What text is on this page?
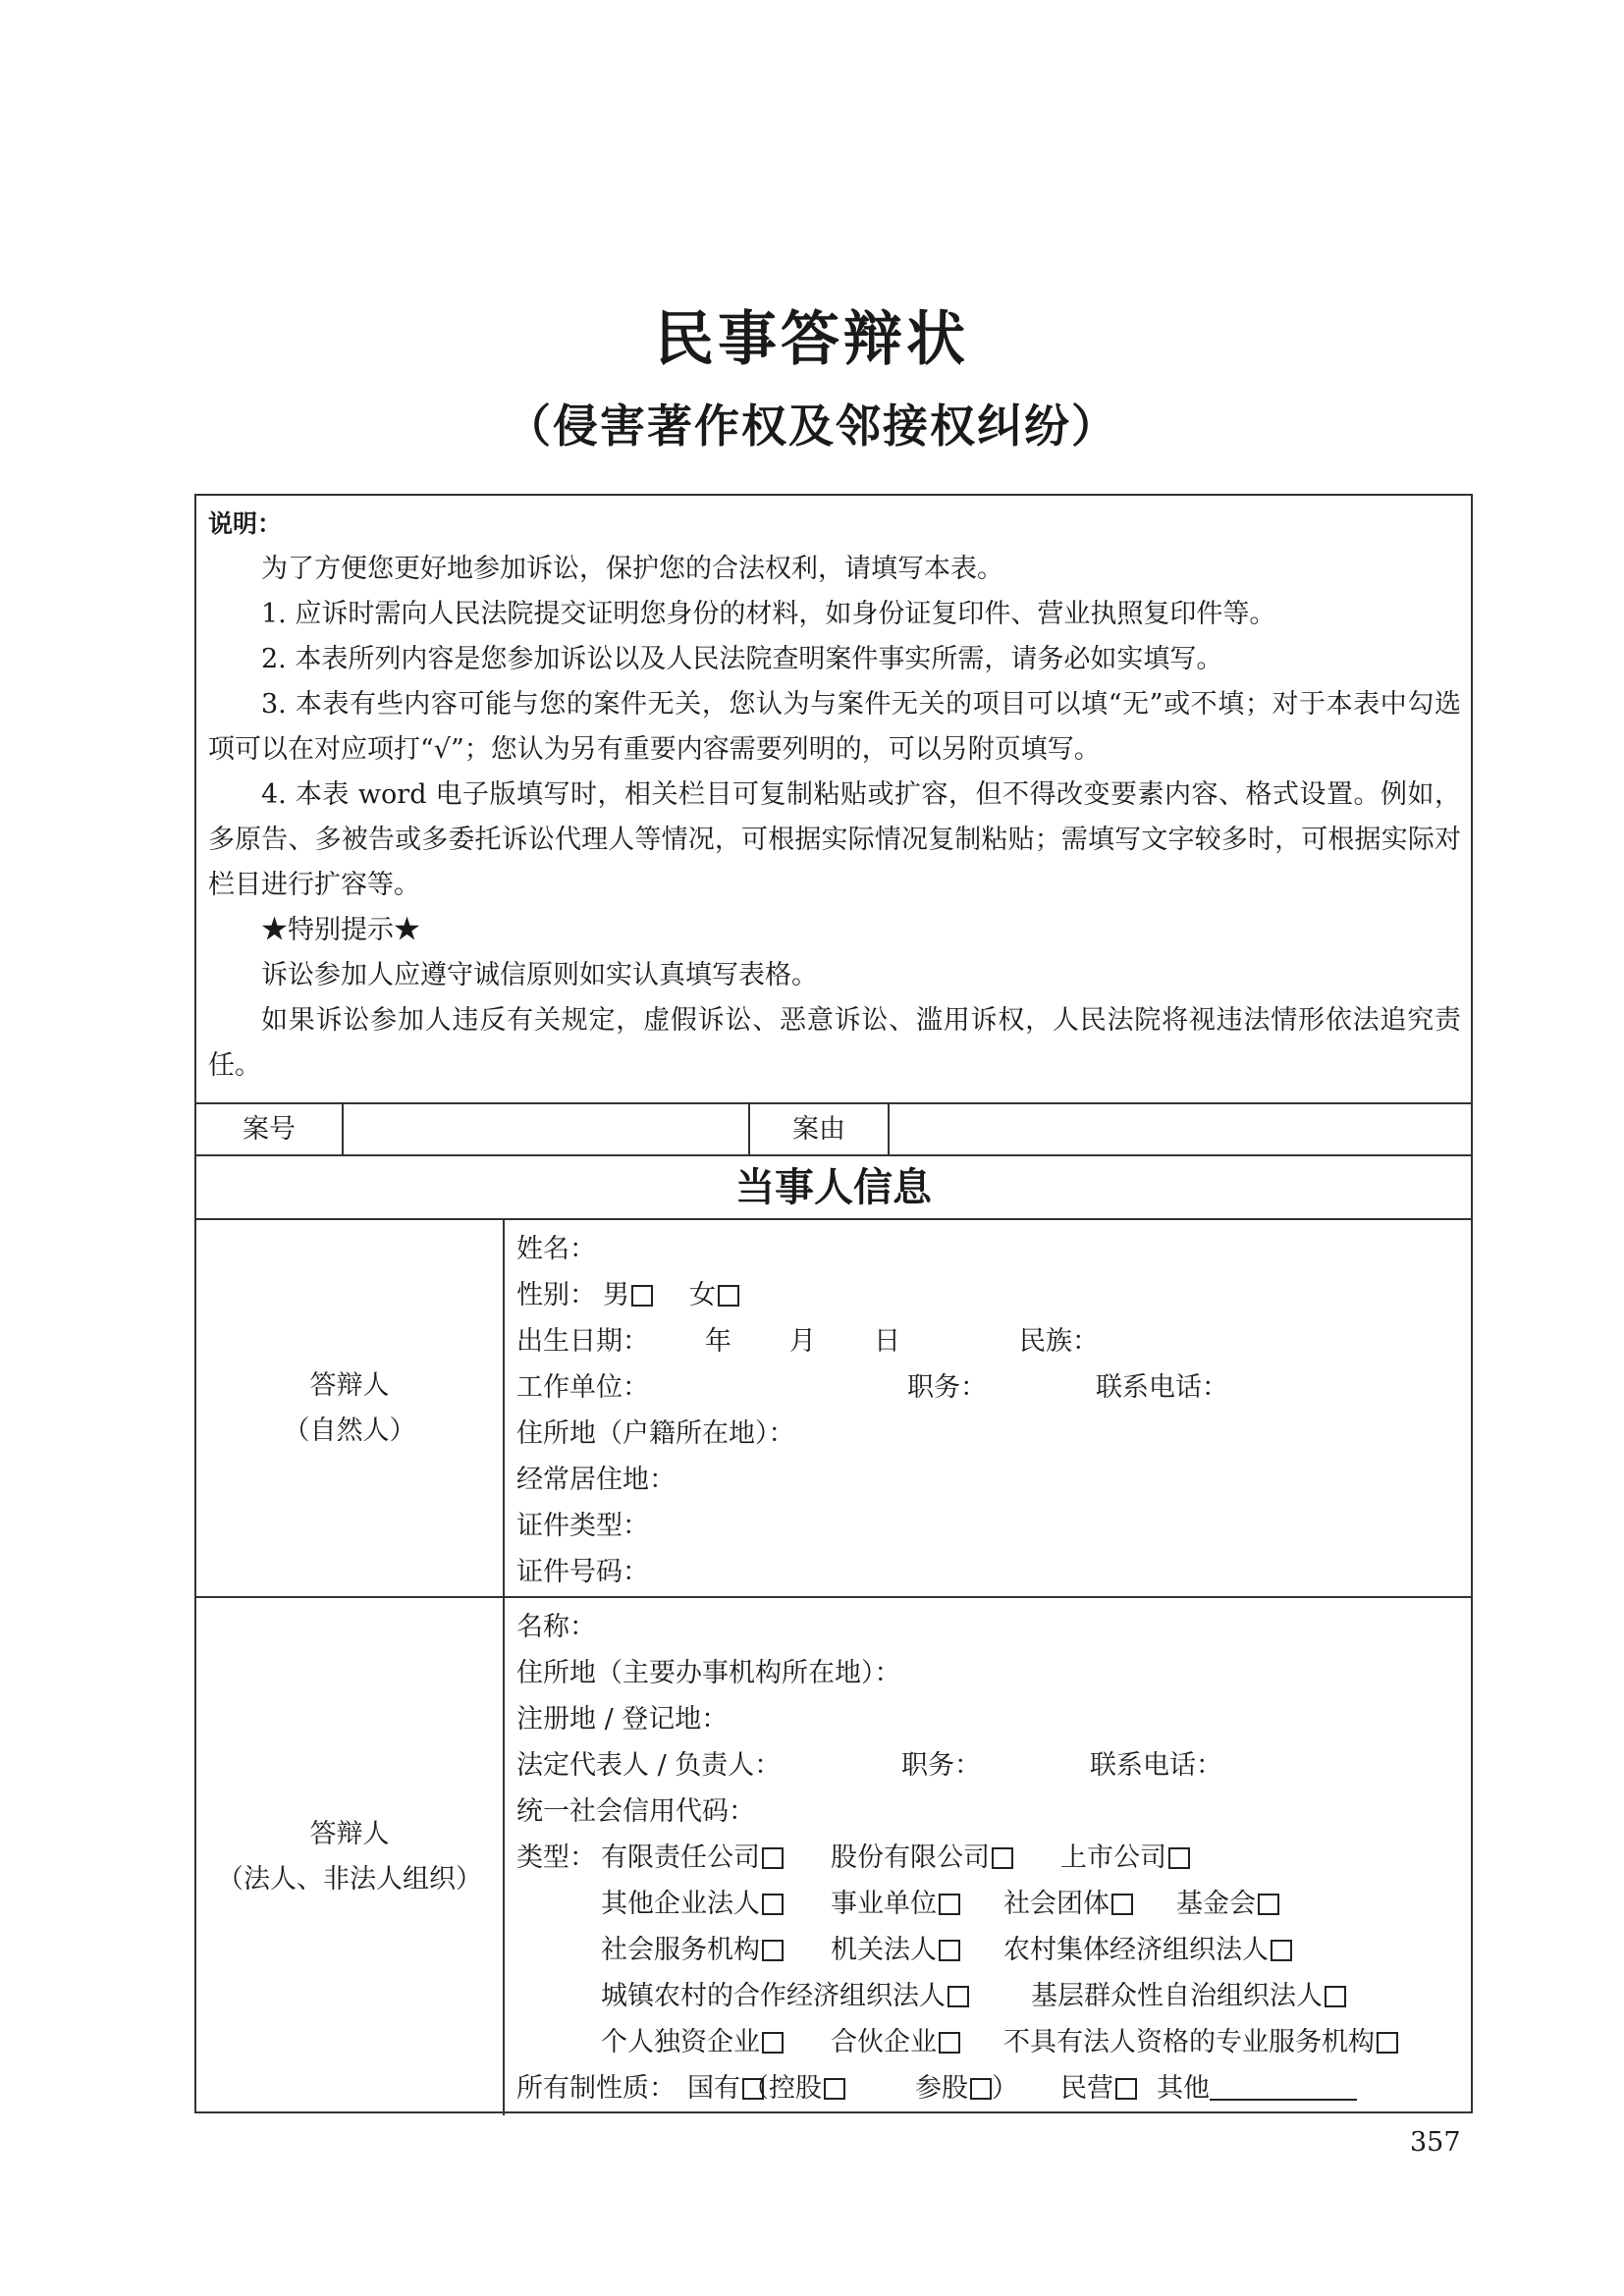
民事答辩状
（侵害著作权及邻接权纠纷）
说明：

为了方便您更好地参加诉讼，保护您的合法权利，请填写本表。

1. 应诉时需向人民法院提交证明您身份的材料，如身份证复印件、营业执照复印件等。

2. 本表所列内容是您参加诉讼以及人民法院查明案件事实所需，请务必如实填写。

3. 本表有些内容可能与您的案件无关，您认为与案件无关的项目可以填“无”或不填；对于本表中勾选项可以在对应项打“√”；您认为另有重要内容需要列明的，可以另附页填写。

4. 本表 word 电子版填写时，相关栏目可复制粘贴或扩容，但不得改变要素内容、格式设置。例如，多原告、多被告或多委托诉讼代理人等情况，可根据实际情况复制粘贴；需填写文字较多时，可根据实际对栏目进行扩容等。

★特别提示★

诉讼参加人应遵守诚信原则如实认真填写表格。

如果诉讼参加人违反有关规定，虚假诉讼、恶意诉讼、滥用诉权，人民法院将视违法情形依法追究责任。

案号	案由
当事人信息
答辩人
（自然人）
姓名：
性别： 男	女
出生日期： 年 月 日	民族：
工作单位：	职务：	联系电话：
住所地（户籍所在地）：
经常居住地：
证件类型：
证件号码：
答辩人
（法人、非法人组织）
名称：
住所地（主要办事机构所在地）：
注册地 / 登记地：
法定代表人 / 负责人：	职务：	联系电话：
统一社会信用代码：
类型： 有限责任公司	股份有限公司	上市公司
其他企业法人	事业单位	社会团体	基金会
社会服务机构	机关法人	农村集体经济组织法人
城镇农村的合作经济组织法人	基层群众性自治组织法人
个人独资企业	合伙企业	不具有法人资格的专业服务机构
所有制性质： 国有 （控股	参股 ） 民营	其他
357
